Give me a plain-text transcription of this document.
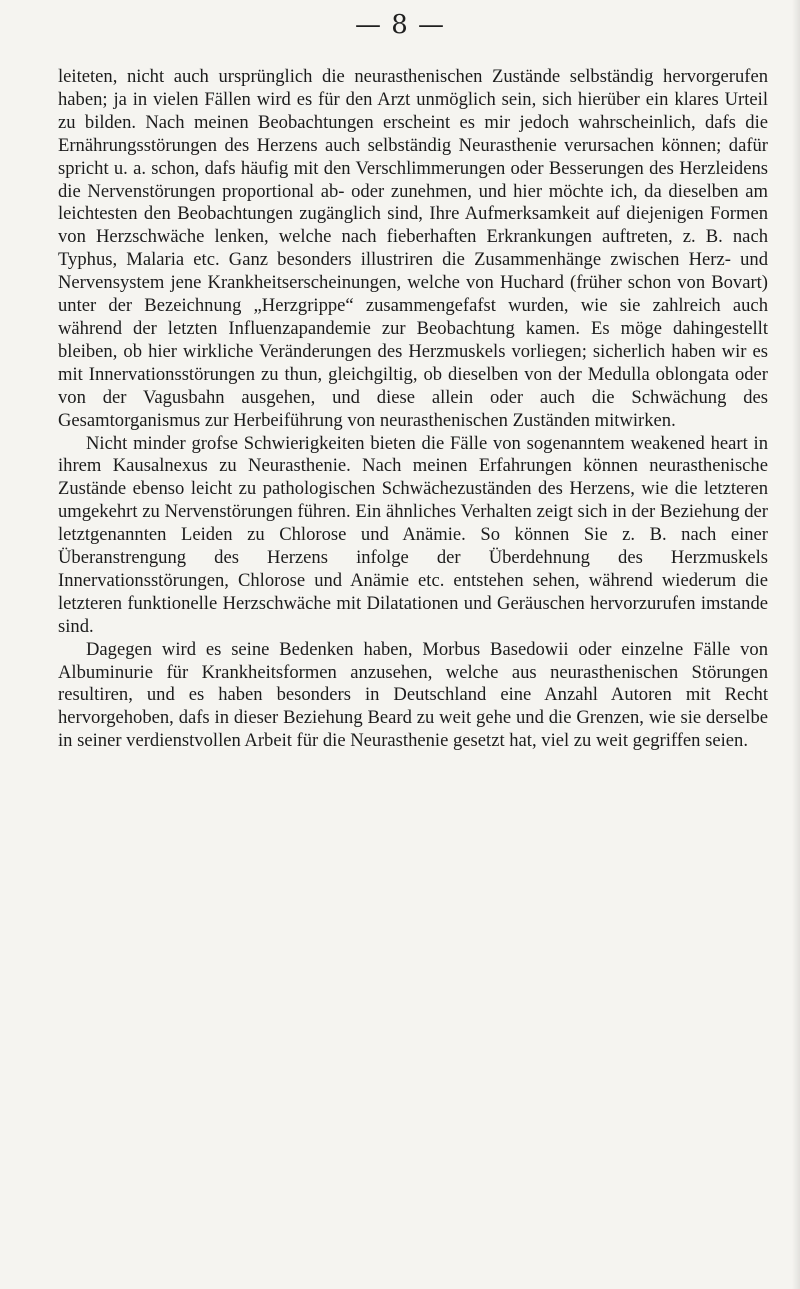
— 8 —

leiteten, nicht auch ursprünglich die neurasthenischen Zustände selbständig hervorgerufen haben; ja in vielen Fällen wird es für den Arzt unmöglich sein, sich hierüber ein klares Urteil zu bilden. Nach meinen Beobachtungen erscheint es mir jedoch wahrscheinlich, dafs die Ernährungsstörungen des Herzens auch selbständig Neurasthenie verursachen können; dafür spricht u. a. schon, dafs häufig mit den Verschlimmerungen oder Besserungen des Herzleidens die Nervenstörungen proportional ab- oder zunehmen, und hier möchte ich, da dieselben am leichtesten den Beobachtungen zugänglich sind, Ihre Aufmerksamkeit auf diejenigen Formen von Herzschwäche lenken, welche nach fieberhaften Erkrankungen auftreten, z. B. nach Typhus, Malaria etc. Ganz besonders illustriren die Zusammenhänge zwischen Herz- und Nervensystem jene Krankheitserscheinungen, welche von Huchard (früher schon von Bovart) unter der Bezeichnung „Herzgrippe“ zusammengefafst wurden, wie sie zahlreich auch während der letzten Influenzapandemie zur Beobachtung kamen. Es möge dahingestellt bleiben, ob hier wirkliche Veränderungen des Herzmuskels vorliegen; sicherlich haben wir es mit Innervationsstörungen zu thun, gleichgiltig, ob dieselben von der Medulla oblongata oder von der Vagusbahn ausgehen, und diese allein oder auch die Schwächung des Gesamtorganismus zur Herbeiführung von neurasthenischen Zuständen mitwirken.

Nicht minder grofse Schwierigkeiten bieten die Fälle von sogenanntem weakened heart in ihrem Kausalnexus zu Neurasthenie. Nach meinen Erfahrungen können neurasthenische Zustände ebenso leicht zu pathologischen Schwächezuständen des Herzens, wie die letzteren umgekehrt zu Nervenstörungen führen. Ein ähnliches Verhalten zeigt sich in der Beziehung der letztgenannten Leiden zu Chlorose und Anämie. So können Sie z. B. nach einer Überanstrengung des Herzens infolge der Überdehnung des Herzmuskels Innervationsstörungen, Chlorose und Anämie etc. entstehen sehen, während wiederum die letzteren funktionelle Herzschwäche mit Dilatationen und Geräuschen hervorzurufen imstande sind.

Dagegen wird es seine Bedenken haben, Morbus Basedowii oder einzelne Fälle von Albuminurie für Krankheitsformen anzusehen, welche aus neurasthenischen Störungen resultiren, und es haben besonders in Deutschland eine Anzahl Autoren mit Recht hervorgehoben, dafs in dieser Beziehung Beard zu weit gehe und die Grenzen, wie sie derselbe in seiner verdienstvollen Arbeit für die Neurasthenie gesetzt hat, viel zu weit gegriffen seien.
